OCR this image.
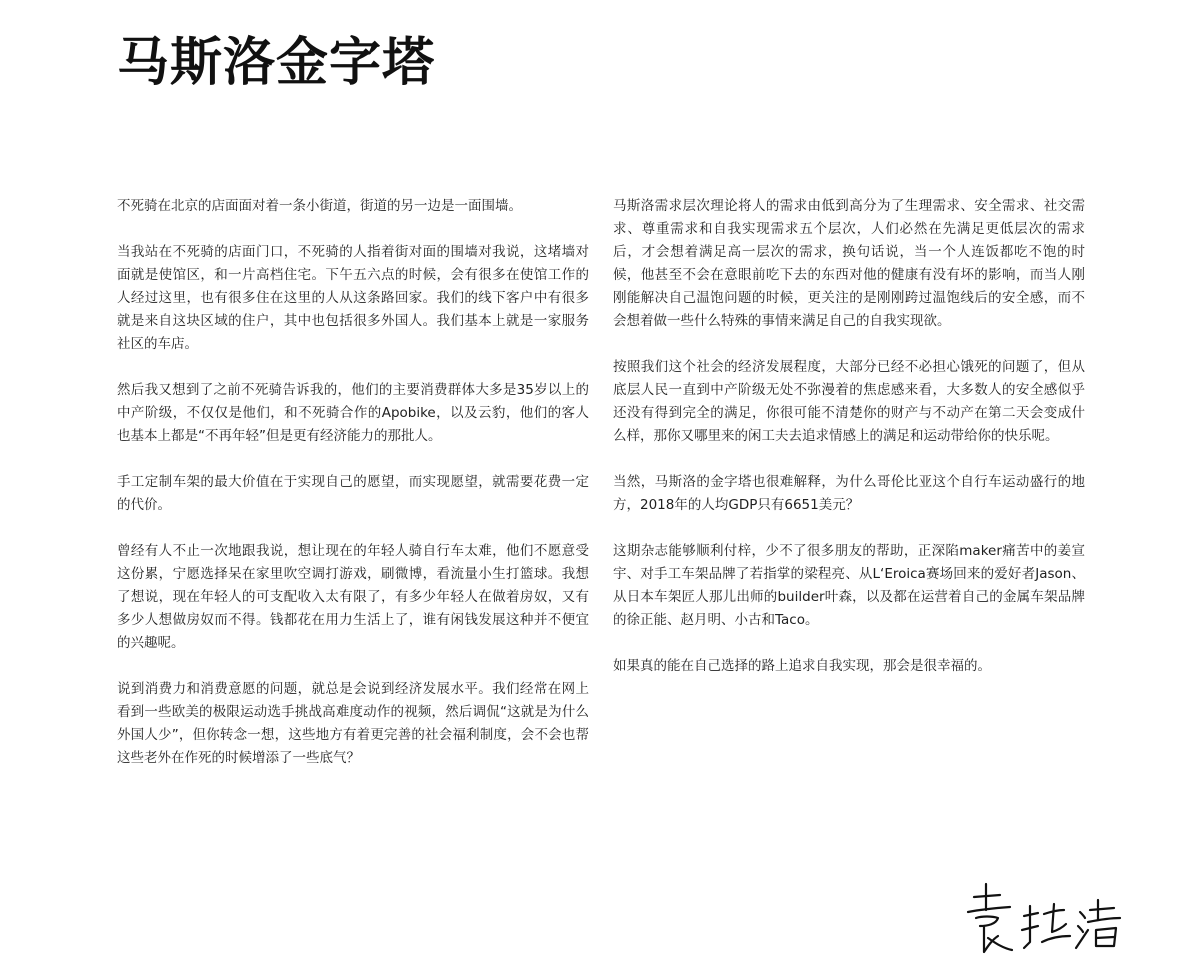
马斯洛金字塔

不死骑在北京的店面面对着一条小街道，街道的另一边是一面围墙。

当我站在不死骑的店面门口，不死骑的人指着街对面的围墙对我说，这堵墙对面就是使馆区，和一片高档住宅。下午五六点的时候，会有很多在使馆工作的人经过这里，也有很多住在这里的人从这条路回家。我们的线下客户中有很多就是来自这块区域的住户，其中也包括很多外国人。我们基本上就是一家服务社区的车店。

然后我又想到了之前不死骑告诉我的，他们的主要消费群体大多是35岁以上的中产阶级，不仅仅是他们，和不死骑合作的Apobike，以及云豹，他们的客人也基本上都是“不再年轻”但是更有经济能力的那批人。

手工定制车架的最大价值在于实现自己的愿望，而实现愿望，就需要花费一定的代价。

曾经有人不止一次地跟我说，想让现在的年轻人骑自行车太难，他们不愿意受这份累，宁愿选择呆在家里吹空调打游戏，刷微博，看流量小生打篮球。我想了想说，现在年轻人的可支配收入太有限了，有多少年轻人在做着房奴，又有多少人想做房奴而不得。钱都花在用力生活上了，谁有闲钱发展这种并不便宜的兴趣呢。

说到消费力和消费意愿的问题，就总是会说到经济发展水平。我们经常在网上看到一些欧美的极限运动选手挑战高难度动作的视频，然后调侃“这就是为什么外国人少”，但你转念一想，这些地方有着更完善的社会福利制度，会不会也帮这些老外在作死的时候增添了一些底气？

马斯洛需求层次理论将人的需求由低到高分为了生理需求、安全需求、社交需求、尊重需求和自我实现需求五个层次，人们必然在先满足更低层次的需求后，才会想着满足高一层次的需求，换句话说，当一个人连饭都吃不饱的时候，他甚至不会在意眼前吃下去的东西对他的健康有没有坏的影响，而当人刚刚能解决自己温饱问题的时候，更关注的是刚刚跨过温饱线后的安全感，而不会想着做一些什么特殊的事情来满足自己的自我实现欲。

按照我们这个社会的经济发展程度，大部分已经不必担心饿死的问题了，但从底层人民一直到中产阶级无处不弥漫着的焦虑感来看，大多数人的安全感似乎还没有得到完全的满足，你很可能不清楚你的财产与不动产在第二天会变成什么样，那你又哪里来的闲工夫去追求情感上的满足和运动带给你的快乐呢。

当然，马斯洛的金字塔也很难解释，为什么哥伦比亚这个自行车运动盛行的地方，2018年的人均GDP只有6651美元？

这期杂志能够顺利付梓，少不了很多朋友的帮助，正深陷maker痛苦中的姜宣宇、对手工车架品牌了若指掌的梁程亮、从L‘Eroica赛场回来的爱好者Jason、从日本车架匠人那儿出师的builder叶森，以及都在运营着自己的金属车架品牌的徐正能、赵月明、小古和Taco。

如果真的能在自己选择的路上追求自我实现，那会是很幸福的。
